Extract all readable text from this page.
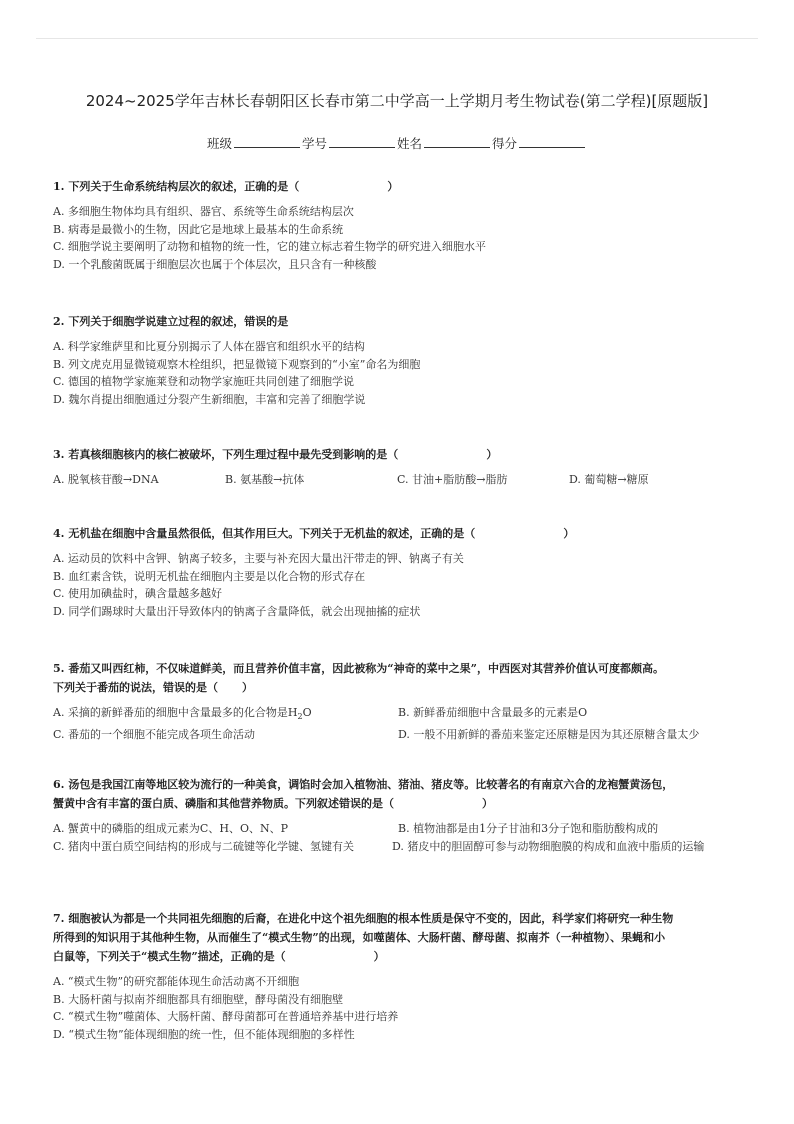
2024~2025学年吉林长春朝阳区长春市第二中学高一上学期月考生物试卷(第二学程)[原题版]
班级	学号	姓名	得分
1. 下列关于生命系统结构层次的叙述，正确的是（	）
A. 多细胞生物体均具有组织、器官、系统等生命系统结构层次
B. 病毒是最微小的生物，因此它是地球上最基本的生命系统
C. 细胞学说主要阐明了动物和植物的统一性，它的建立标志着生物学的研究进入细胞水平
D. 一个乳酸菌既属于细胞层次也属于个体层次，且只含有一种核酸
2. 下列关于细胞学说建立过程的叙述，错误的是
A. 科学家维萨里和比夏分别揭示了人体在器官和组织水平的结构
B. 列文虎克用显微镜观察木栓组织，把显微镜下观察到的“小室”命名为细胞
C. 德国的植物学家施莱登和动物学家施旺共同创建了细胞学说
D. 魏尔肖提出细胞通过分裂产生新细胞，丰富和完善了细胞学说
3. 若真核细胞核内的核仁被破坏，下列生理过程中最先受到影响的是（	）
A. 脱氧核苷酸→DNA	B. 氨基酸→抗体	C. 甘油+脂肪酸→脂肪	D. 葡萄糖→糖原
4. 无机盐在细胞中含量虽然很低，但其作用巨大。下列关于无机盐的叙述，正确的是（	）
A. 运动员的饮料中含钾、钠离子较多，主要与补充因大量出汗带走的钾、钠离子有关
B. 血红素含铁，说明无机盐在细胞内主要是以化合物的形式存在
C. 使用加碘盐时，碘含量越多越好
D. 同学们踢球时大量出汗导致体内的钠离子含量降低，就会出现抽搐的症状
5. 番茄又叫西红柿，不仅味道鲜美，而且营养价值丰富，因此被称为“神奇的菜中之果”，中西医对其营养价值认可度都颇高。
下列关于番茄的说法，错误的是（ ）
A. 采摘的新鲜番茄的细胞中含量最多的化合物是$H_2O$	B. 新鲜番茄细胞中含量最多的元素是O
C. 番茄的一个细胞不能完成各项生命活动	D. 一般不用新鲜的番茄来鉴定还原糖是因为其还原糖含量太少
6. 汤包是我国江南等地区较为流行的一种美食，调馅时会加入植物油、猪油、猪皮等。比较著名的有南京六合的龙袍蟹黄汤包，
蟹黄中含有丰富的蛋白质、磷脂和其他营养物质。下列叙述错误的是（	）
A. 蟹黄中的磷脂的组成元素为C、H、O、N、P	B. 植物油都是由1分子甘油和3分子饱和脂肪酸构成的
C. 猪肉中蛋白质空间结构的形成与二硫键等化学键、氢键有关	D. 猪皮中的胆固醇可参与动物细胞膜的构成和血液中脂质的运输
7. 细胞被认为都是一个共同祖先细胞的后裔，在进化中这个祖先细胞的根本性质是保守不变的，因此，科学家们将研究一种生物
所得到的知识用于其他种生物，从而催生了“模式生物”的出现，如噬菌体、大肠杆菌、酵母菌、拟南芥（一种植物）、果蝇和小
白鼠等，下列关于“模式生物”描述，正确的是（	）
A. “模式生物”的研究都能体现生命活动离不开细胞
B. 大肠杆菌与拟南芥细胞都具有细胞壁，酵母菌没有细胞壁
C. “模式生物”噬菌体、大肠杆菌、酵母菌都可在普通培养基中进行培养
D. “模式生物”能体现细胞的统一性，但不能体现细胞的多样性
